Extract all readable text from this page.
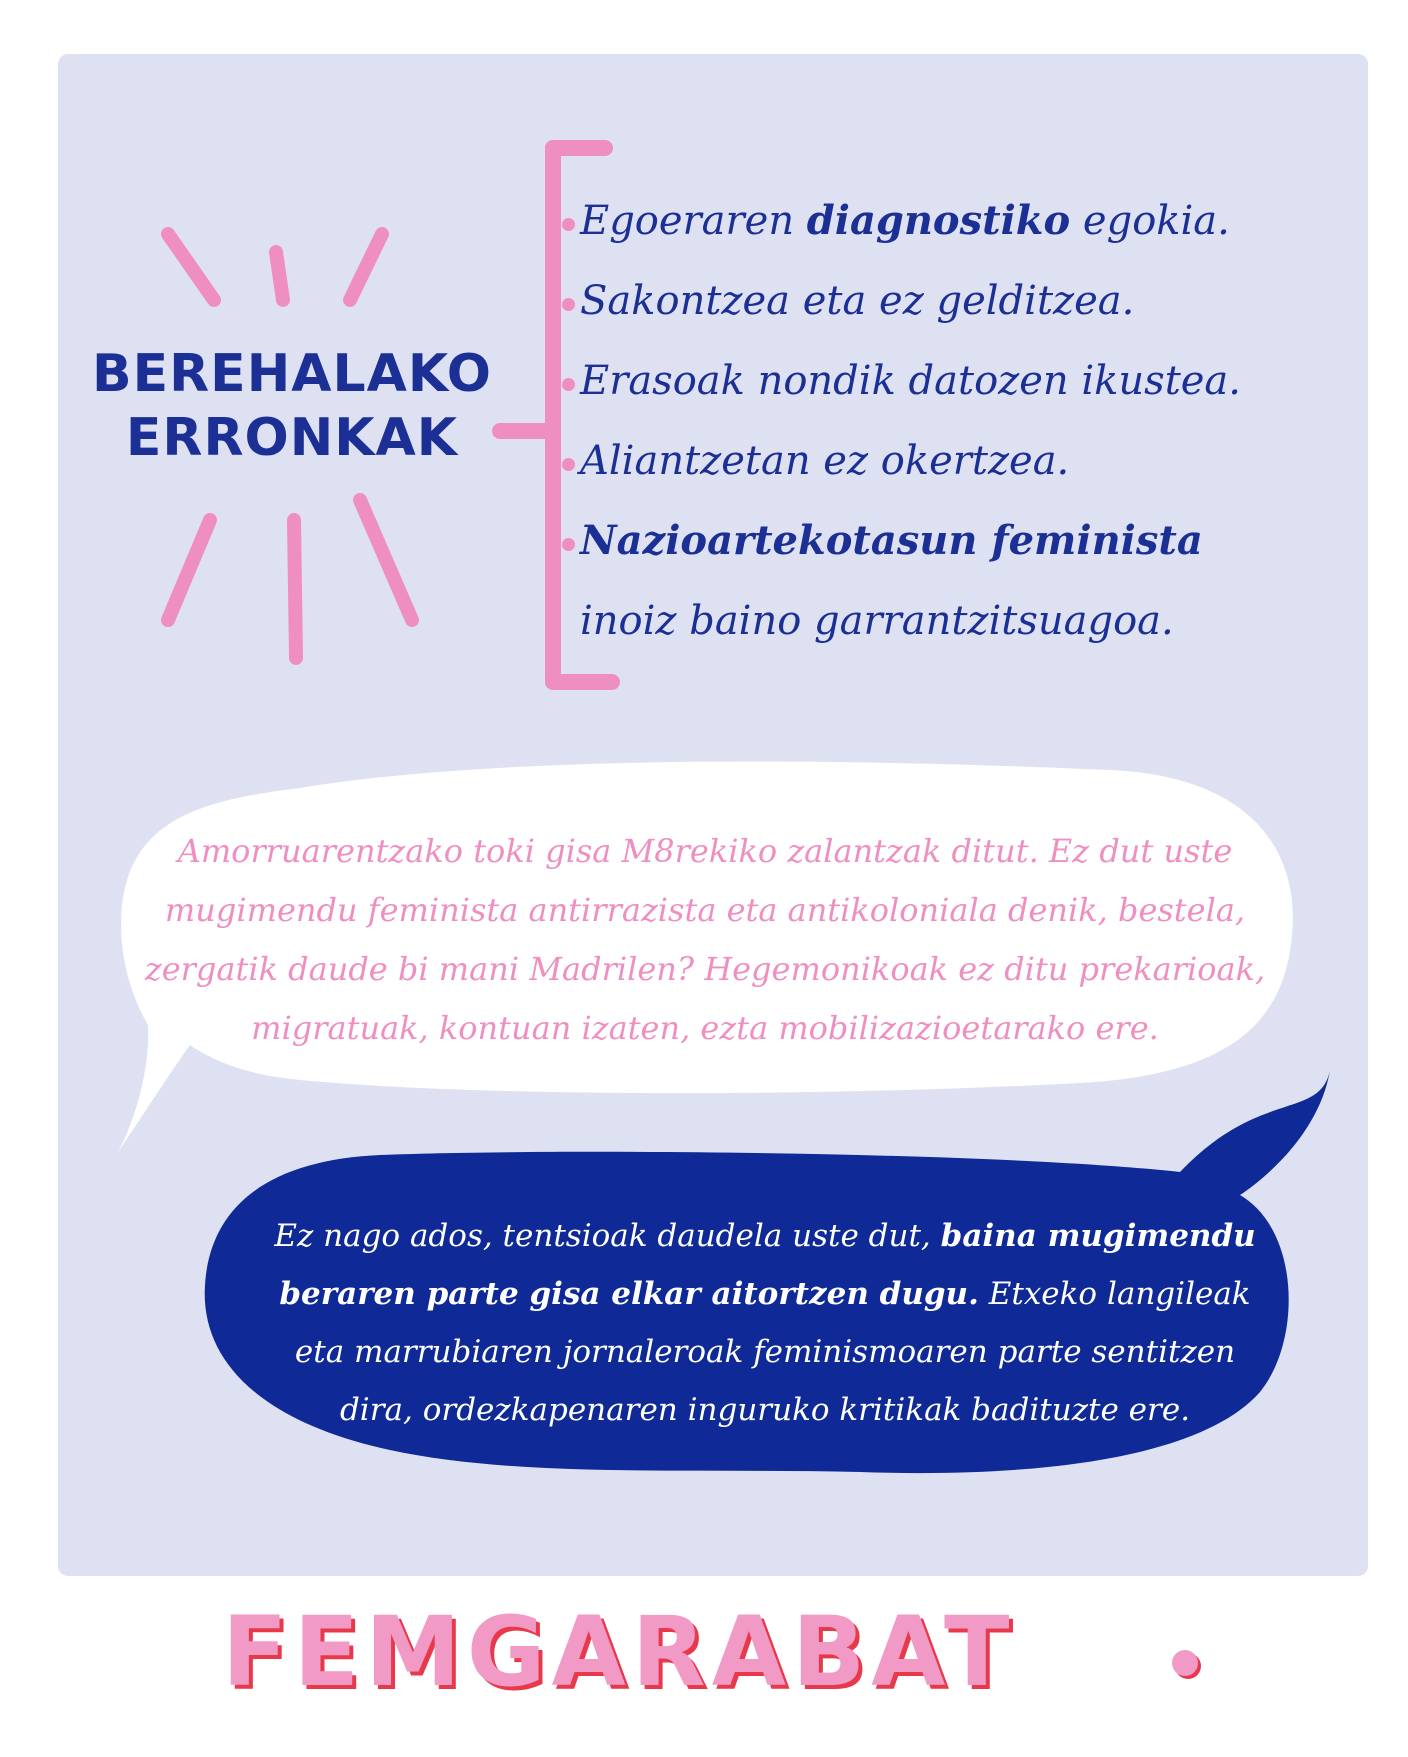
BEREHALAKO
ERRONKAK
Egoeraren diagnostiko egokia.
Sakontzea eta ez gelditzea.
Erasoak nondik datozen ikustea.
Aliantzetan ez okertzea.
Nazioartekotasun feminista
inoiz baino garrantzitsuagoa.
Amorruarentzako toki gisa M8rekiko zalantzak ditut. Ez dut uste
mugimendu feminista antirrazista eta antikoloniala denik, bestela,
zergatik daude bi mani Madrilen? Hegemonikoak ez ditu prekarioak,
migratuak, kontuan izaten, ezta mobilizazioetarako ere.
Ez nago ados, tentsioak daudela uste dut, baina mugimendu
beraren parte gisa elkar aitortzen dugu. Etxeko langileak
eta marrubiaren jornaleroak feminismoaren parte sentitzen
dira, ordezkapenaren inguruko kritikak badituzte ere.
FEMGARABAT
